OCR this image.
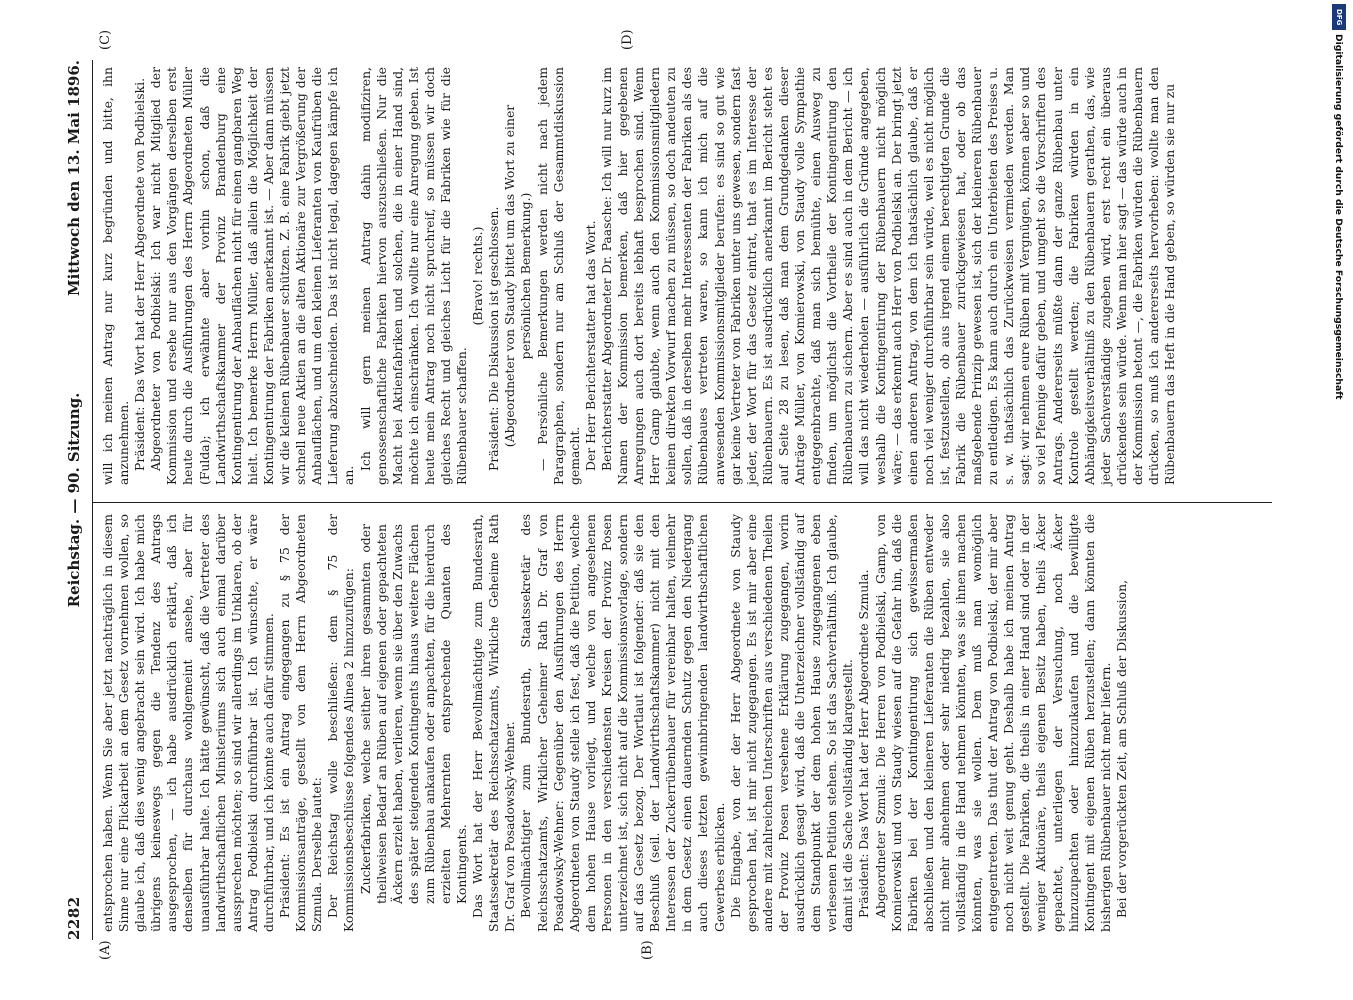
DFG
Digitalisierung gefördert durch die Deutsche Forschungsgemeinschaft
2282
Reichstag. — 90. Sitzung.
Mittwoch den 13. Mai 1896.
(A)	(B)
(C)	(D)

entsprochen haben. Wenn Sie aber jetzt nachträglich in diesem Sinne nur eine Flickarbeit an dem Gesetz vornehmen wollen, so glaube ich, daß dies wenig angebracht sein wird. Ich habe mich übrigens keineswegs gegen die Tendenz des Antrags ausgesprochen, — ich habe ausdrücklich erklärt, daß ich denselben für durchaus wohlgemeint ansehe, aber für unausführbar halte. Ich hätte gewünscht, daß die Vertreter des landwirthschaftlichen Ministeriums sich auch einmal darüber aussprechen möchten; so sind wir allerdings im Unklaren, ob der Antrag Podbielski durchführbar ist. Ich wünschte, er wäre durchführbar, und ich könnte auch dafür stimmen. Präsident: Es ist ein Antrag eingegangen zu § 75 der Kommissionsanträge, gestellt von dem Herrn Abgeordneten Szmula. Derselbe lautet: Der Reichstag wolle beschließen: dem § 75 der Kommissionsbeschlüsse folgendes Alinea 2 hinzuzufügen: Zuckerfabriken, welche seither ihren gesammten oder theilweisen Bedarf an Rüben auf eigenen oder gepachteten Äckern erzielt haben, verlieren, wenn sie über den Zuwachs des später steigenden Kontingents hinaus weitere Flächen zum Rübenbau ankaufen oder anpachten, für die hierdurch erzielten Mehrernten entsprechende Quanten des Kontingents. Das Wort hat der Herr Bevollmächtigte zum Bundesrath, Staatssekretär des Reichsschatzamts, Wirkliche Geheime Rath Dr. Graf von Posadowsky-Wehner. Bevollmächtigter zum Bundesrath, Staatssekretär des Reichsschatzamts, Wirklicher Geheimer Rath Dr. Graf von Posadowsky-Wehner: Gegenüber den Ausführungen des Herrn Abgeordneten von Staudy stelle ich fest, daß die Petition, welche dem hohen Hause vorliegt, und welche von angesehenen Personen in den verschiedensten Kreisen der Provinz Posen unterzeichnet ist, sich nicht auf die Kommissionsvorlage, sondern auf das Gesetz bezog. Der Wortlaut ist folgender: daß sie den Beschluß (seil. der Landwirthschaftskammer) nicht mit den Interessen der Zuckerrübenbauer für vereinbar halten, vielmehr in dem Gesetz einen dauernden Schutz gegen den Niedergang auch dieses letzten gewinnbringenden landwirthschaftlichen Gewerbes erblicken. Die Eingabe, von der der Herr Abgeordnete von Staudy gesprochen hat, ist mir nicht zugegangen. Es ist mir aber eine andere mit zahlreichen Unterschriften aus verschiedenen Theilen der Provinz Posen versehene Erklärung zugegangen, worin ausdrücklich gesagt wird, daß die Unterzeichner vollständig auf dem Standpunkt der dem hohen Hause zugegangenen eben verlesenen Petition stehen. So ist das Sachverhältniß. Ich glaube, damit ist die Sache vollständig klargestellt. Präsident: Das Wort hat der Herr Abgeordnete Szmula. Abgeordneter Szmula: Die Herren von Podbielski, Gamp, von Komierowski und von Staudy wiesen auf die Gefahr hin, daß die Fabriken bei der Kontingentirung sich gewissermaßen abschließen und den kleineren Lieferanten die Rüben entweder nicht mehr abnehmen oder sehr niedrig bezahlen, sie also vollständig in die Hand nehmen könnten, was sie ihnen machen könnten, was sie wollen. Dem muß man womöglich entgegentreten. Das thut der Antrag von Podbielski, der mir aber noch nicht weit genug geht. Deshalb habe ich meinen Antrag gestellt. Die Fabriken, die theils in einer Hand sind oder in der weniger Aktionäre, theils eigenen Besitz haben, theils Äcker gepachtet, unterliegen der Versuchung, noch Äcker hinzuzupachten oder hinzuzukaufen und die bewilligte Kontingent mit eigenen Rüben herzustellen; dann könnten die bisherigen Rübenbauer nicht mehr liefern. Bei der vorgerückten Zeit, am Schluß der Diskussion,

will ich meinen Antrag nur kurz begründen und bitte, ihn anzunehmen. Präsident: Das Wort hat der Herr Abgeordnete von Podbielski. Abgeordneter von Podbielski: Ich war nicht Mitglied der Kommission und ersehe nur aus den Vorgängen derselben erst heute durch die Ausführungen des Herrn Abgeordneten Müller (Fulda); ich erwähnte aber vorhin schon, daß die Landwirthschaftskammer der Provinz Brandenburg eine Kontingentirung der Anbauflächen nicht für einen gangbaren Weg hielt. Ich bemerke Herrn Müller, daß allein die Möglichkeit der Kontingentirung der Fabriken anerkannt ist. — Aber dann müssen wir die kleinen Rübenbauer schützen. Z. B. eine Fabrik giebt jetzt schnell neue Aktien an die alten Aktionäre zur Vergrößerung der Anbauflächen, und um den kleinen Lieferanten von Kaufrüben die Lieferung abzuschneiden. Das ist nicht legal, dagegen kämpfe ich an.

Ich will gern meinen Antrag dahin modifiziren, genossenschaftliche Fabriken hiervon auszuschließen. Nur die Macht bei Aktienfabriken und solchen, die in einer Hand sind, möchte ich einschränken. Ich wollte nur eine Anregung geben. Ist heute mein Antrag noch nicht spruchreif, so müssen wir doch gleiches Recht und gleiches Licht für die Fabriken wie für die Rübenbauer schaffen.

(Bravo! rechts.) Präsident: Die Diskussion ist geschlossen. (Abgeordneter von Staudy bittet um das Wort zu einer persönlichen Bemerkung.) — Persönliche Bemerkungen werden nicht nach jedem Paragraphen, sondern nur am Schluß der Gesammtdiskussion gemacht. Der Herr Berichterstatter hat das Wort. Berichterstatter Abgeordneter Dr. Paasche: Ich will nur kurz im Namen der Kommission bemerken, daß hier gegebenen Anregungen auch dort bereits lebhaft besprochen sind. Wenn Herr Gamp glaubte, wenn auch den Kommissionsmitgliedern keinen direkten Vorwurf machen zu müssen, so doch andeuten zu sollen, daß in derselben mehr Interessenten der Fabriken als des Rübenbaues vertreten waren, so kann ich mich auf die anwesenden Kommissionsmitglieder berufen: es sind so gut wie gar keine Vertreter von Fabriken unter uns gewesen, sondern fast jeder, der Wort für das Gesetz eintrat, that es im Interesse der Rübenbauern. Es ist ausdrücklich anerkannt im Bericht steht es auf Seite 28 zu lesen, daß man dem Grundgedanken dieser Anträge Müller, von Komierowski, von Staudy volle Sympathie entgegenbrachte, daß man sich bemühte, einen Ausweg zu finden, um möglichst die Vortheile der Kontingentirung den Rübenbauern zu sichern. Aber es sind auch in dem Bericht — ich will das nicht wiederholen — ausführlich die Gründe angegeben, weshalb die Kontingentirung der Rübenbauern nicht möglich wäre; — das erkennt auch Herr von Podbielski an. Der bringt jetzt einen anderen Antrag, von dem ich thatsächlich glaube, daß er noch viel weniger durchführbar sein würde, weil es nicht möglich ist, festzustellen, ob aus irgend einem berechtigten Grunde die Fabrik die Rübenbauer zurückgewiesen hat, oder ob das maßgebende Prinzip gewesen ist, sich der kleineren Rübenbauer zu entledigen. Es kann auch durch ein Unterbieten des Preises u. s. w. thatsächlich das Zurückweisen vermieden werden. Man sagt: wir nehmen eure Rüben mit Vergnügen, können aber so und so viel Pfennige dafür geben, und umgeht so die Vorschriften des Antrags. Andererseits müßte dann der ganze Rübenbau unter Kontrole gestellt werden; die Fabriken würden in ein Abhängigkeitsverhältniß zu den Rübenbauern gerathen, das, wie jeder Sachverständige zugeben wird, erst recht ein überaus drückendes sein würde. Wenn man hier sagt — das würde auch in der Kommission betont —, die Fabriken würden die Rübenbauern drücken, so muß ich andererseits hervorheben: wollte man den Rübenbauern das Heft in die Hand geben, so würden sie nur zu
